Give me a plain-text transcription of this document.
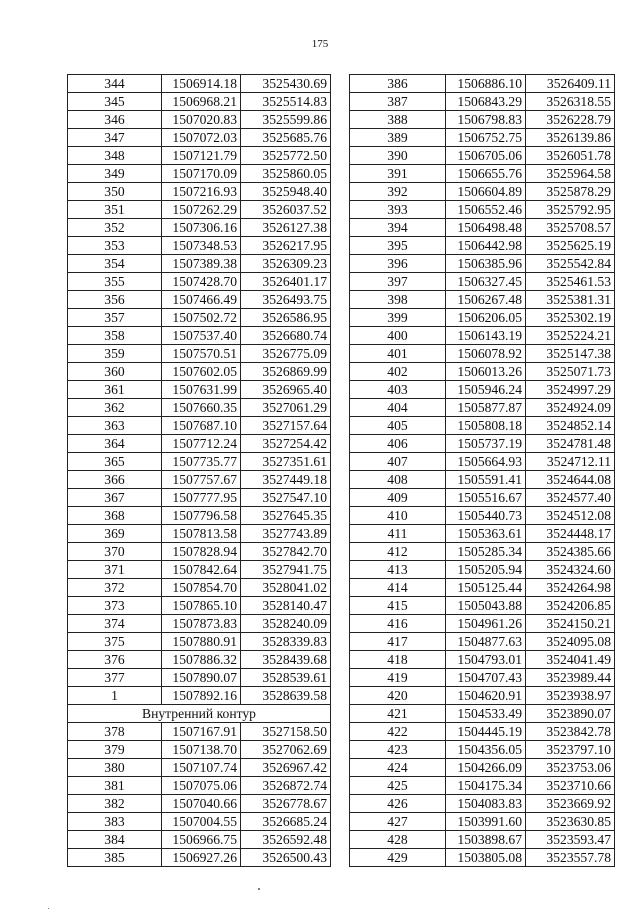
175
344	1506914.18	3525430.69
345	1506968.21	3525514.83
346	1507020.83	3525599.86
347	1507072.03	3525685.76
348	1507121.79	3525772.50
349	1507170.09	3525860.05
350	1507216.93	3525948.40
351	1507262.29	3526037.52
352	1507306.16	3526127.38
353	1507348.53	3526217.95
354	1507389.38	3526309.23
355	1507428.70	3526401.17
356	1507466.49	3526493.75
357	1507502.72	3526586.95
358	1507537.40	3526680.74
359	1507570.51	3526775.09
360	1507602.05	3526869.99
361	1507631.99	3526965.40
362	1507660.35	3527061.29
363	1507687.10	3527157.64
364	1507712.24	3527254.42
365	1507735.77	3527351.61
366	1507757.67	3527449.18
367	1507777.95	3527547.10
368	1507796.58	3527645.35
369	1507813.58	3527743.89
370	1507828.94	3527842.70
371	1507842.64	3527941.75
372	1507854.70	3528041.02
373	1507865.10	3528140.47
374	1507873.83	3528240.09
375	1507880.91	3528339.83
376	1507886.32	3528439.68
377	1507890.07	3528539.61
1	1507892.16	3528639.58
Внутренний контур		
378	1507167.91	3527158.50
379	1507138.70	3527062.69
380	1507107.74	3526967.42
381	1507075.06	3526872.74
382	1507040.66	3526778.67
383	1507004.55	3526685.24
384	1506966.75	3526592.48
385	1506927.26	3526500.43
386	1506886.10	3526409.11
387	1506843.29	3526318.55
388	1506798.83	3526228.79
389	1506752.75	3526139.86
390	1506705.06	3526051.78
391	1506655.76	3525964.58
392	1506604.89	3525878.29
393	1506552.46	3525792.95
394	1506498.48	3525708.57
395	1506442.98	3525625.19
396	1506385.96	3525542.84
397	1506327.45	3525461.53
398	1506267.48	3525381.31
399	1506206.05	3525302.19
400	1506143.19	3525224.21
401	1506078.92	3525147.38
402	1506013.26	3525071.73
403	1505946.24	3524997.29
404	1505877.87	3524924.09
405	1505808.18	3524852.14
406	1505737.19	3524781.48
407	1505664.93	3524712.11
408	1505591.41	3524644.08
409	1505516.67	3524577.40
410	1505440.73	3524512.08
411	1505363.61	3524448.17
412	1505285.34	3524385.66
413	1505205.94	3524324.60
414	1505125.44	3524264.98
415	1505043.88	3524206.85
416	1504961.26	3524150.21
417	1504877.63	3524095.08
418	1504793.01	3524041.49
419	1504707.43	3523989.44
420	1504620.91	3523938.97
421	1504533.49	3523890.07
422	1504445.19	3523842.78
423	1504356.05	3523797.10
424	1504266.09	3523753.06
425	1504175.34	3523710.66
426	1504083.83	3523669.92
427	1503991.60	3523630.85
428	1503898.67	3523593.47
429	1503805.08	3523557.78
